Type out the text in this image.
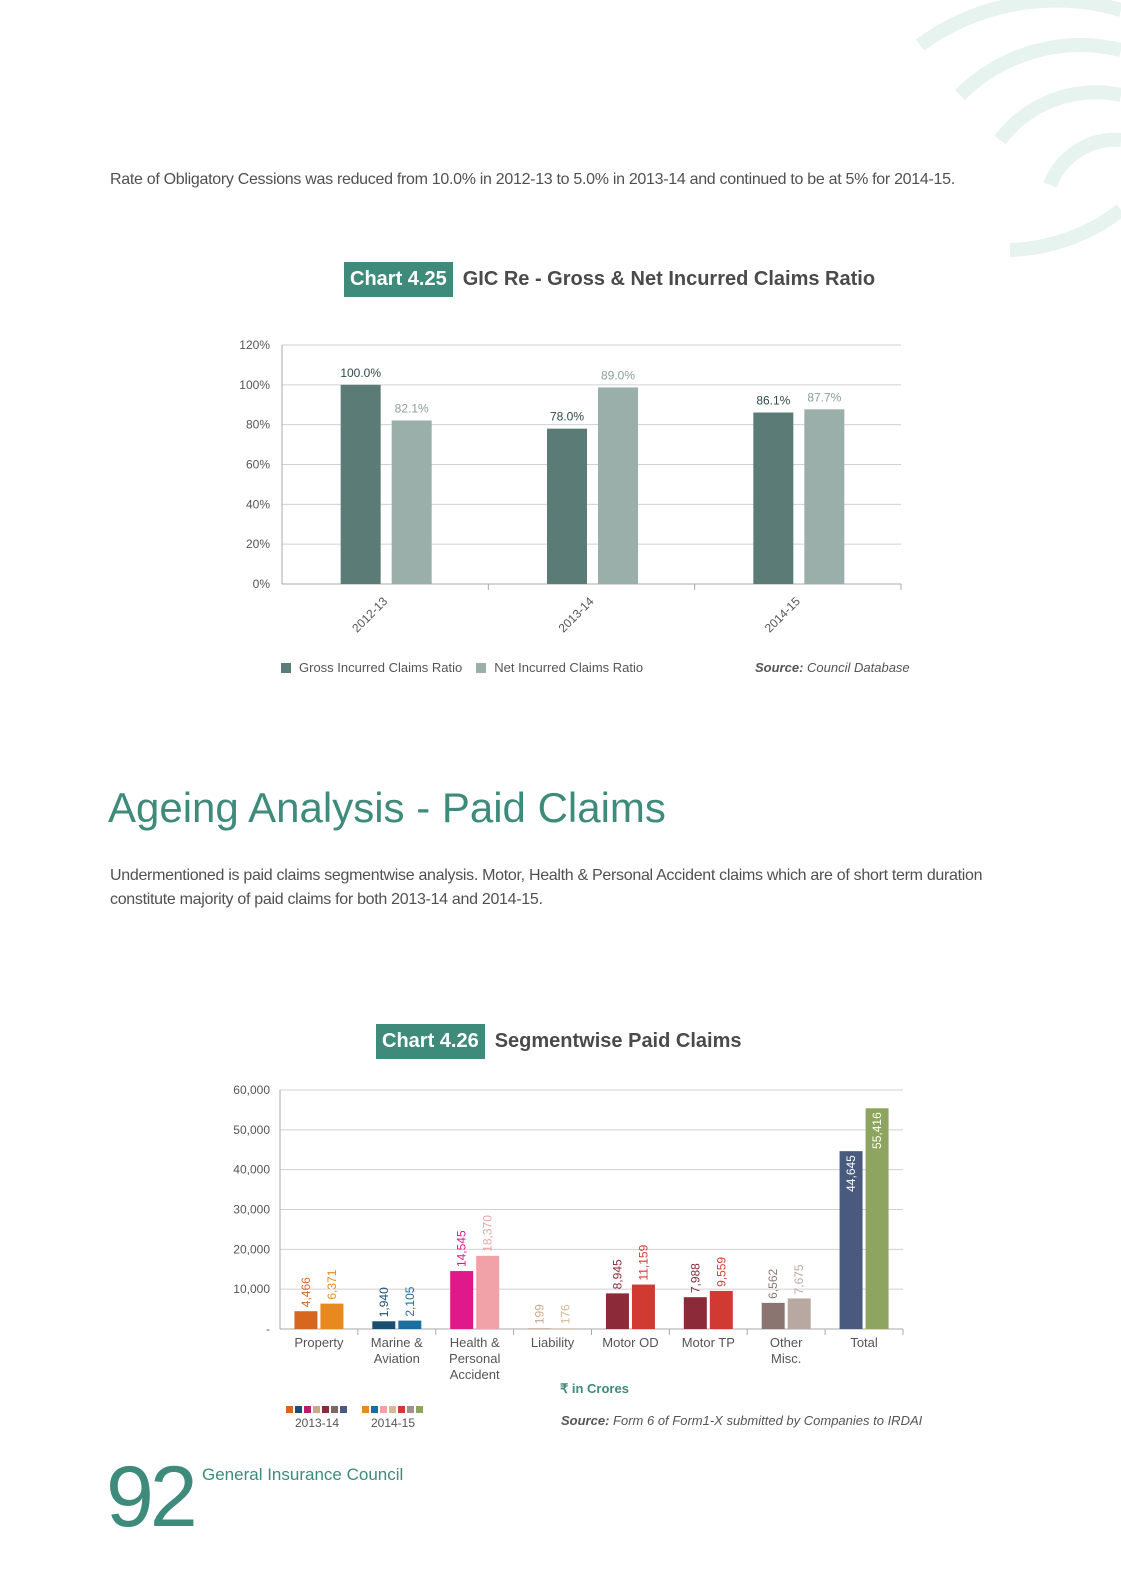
Rate of Obligatory Cessions was reduced from 10.0% in 2012-13 to 5.0% in 2013-14 and continued to be at 5% for 2014-15.
Chart 4.25 GIC Re - Gross & Net Incurred Claims Ratio
0%
20%
40%
60%
80%
100%
120%
100.0%
82.1%
2012-13
78.0%
89.0%
2013-14
86.1% 87.7%
2014-15
Gross Incurred Claims Ratio Net Incurred Claims Ratio	Source: Council Database
Ageing Analysis - Paid Claims
Undermentioned is paid claims segmentwise analysis. Motor, Health & Personal Accident claims which are of short term duration constitute majority of paid claims for both 2013-14 and 2014-15.
Chart 4.26 Segmentwise Paid Claims
-
10,000
20,000
30,000
40,000
50,000
60,000
4,466 6,371
Property
1,940 2,105
Marine & Aviation
14,545 18,370
Health & Personal Accident
199 176
Liability
8,945 11,159
Motor OD
7,988 9,559
Motor TP
6,562 7,675
Other Misc.
44,645
55,416
Total
₹ in Crores
2013-14	2014-15	Source: Form 6 of Form1-X submitted by Companies to IRDAI
92 General Insurance Council
